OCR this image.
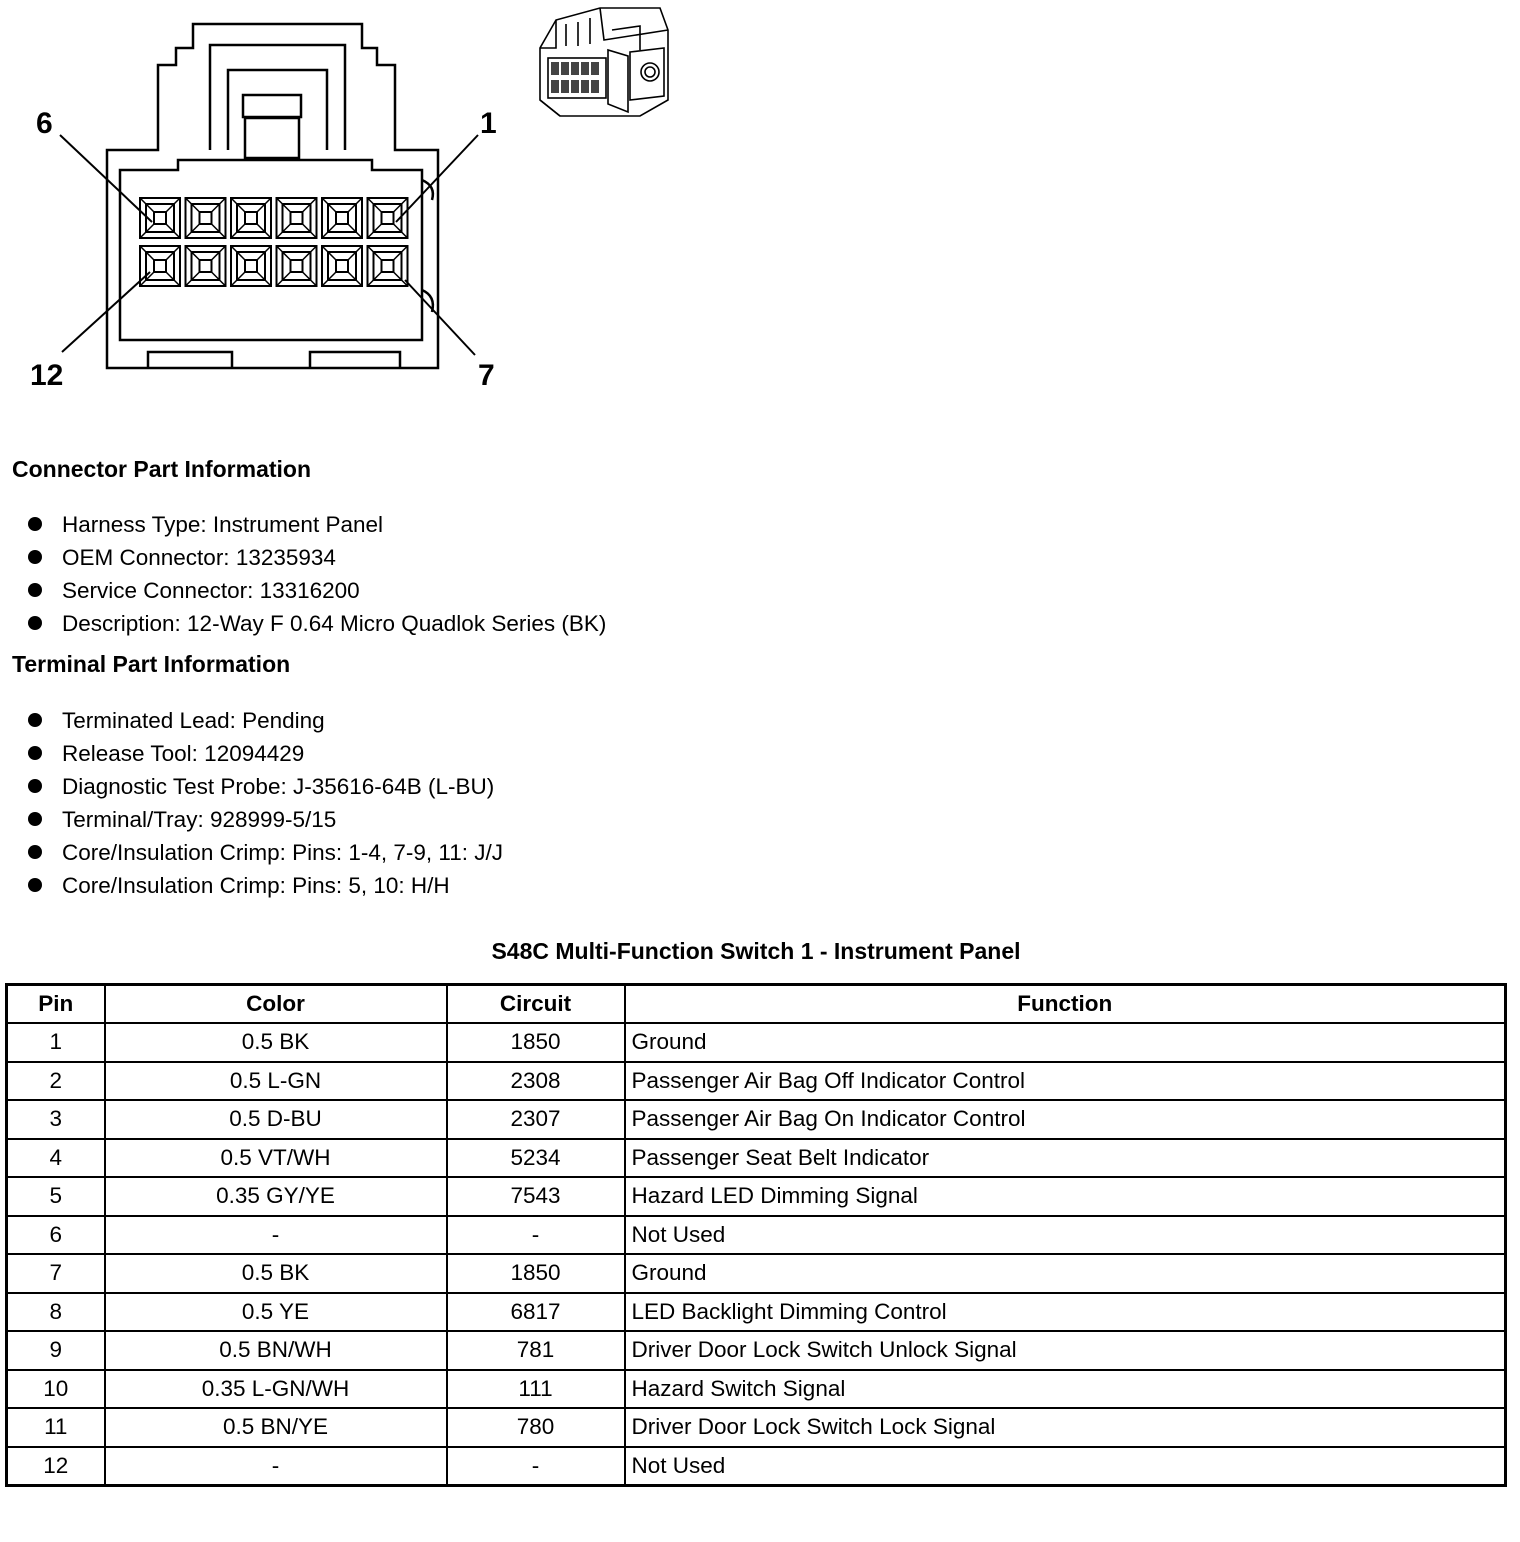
6	1
12	7
Connector Part Information
Harness Type: Instrument Panel
OEM Connector: 13235934
Service Connector: 13316200
Description: 12-Way F 0.64 Micro Quadlok Series (BK)
Terminal Part Information
Terminated Lead: Pending
Release Tool: 12094429
Diagnostic Test Probe: J-35616-64B (L-BU)
Terminal/Tray: 928999-5/15
Core/Insulation Crimp: Pins: 1-4, 7-9, 11: J/J
Core/Insulation Crimp: Pins: 5, 10: H/H
S48C Multi-Function Switch 1 - Instrument Panel
Pin	Color	Circuit	Function
1	0.5 BK	1850	Ground
2	0.5 L-GN	2308	Passenger Air Bag Off Indicator Control
3	0.5 D-BU	2307	Passenger Air Bag On Indicator Control
4	0.5 VT/WH	5234	Passenger Seat Belt Indicator
5	0.35 GY/YE	7543	Hazard LED Dimming Signal
6	-	-	Not Used
7	0.5 BK	1850	Ground
8	0.5 YE	6817	LED Backlight Dimming Control
9	0.5 BN/WH	781	Driver Door Lock Switch Unlock Signal
10	0.35 L-GN/WH	111	Hazard Switch Signal
11	0.5 BN/YE	780	Driver Door Lock Switch Lock Signal
12	-	-	Not Used
